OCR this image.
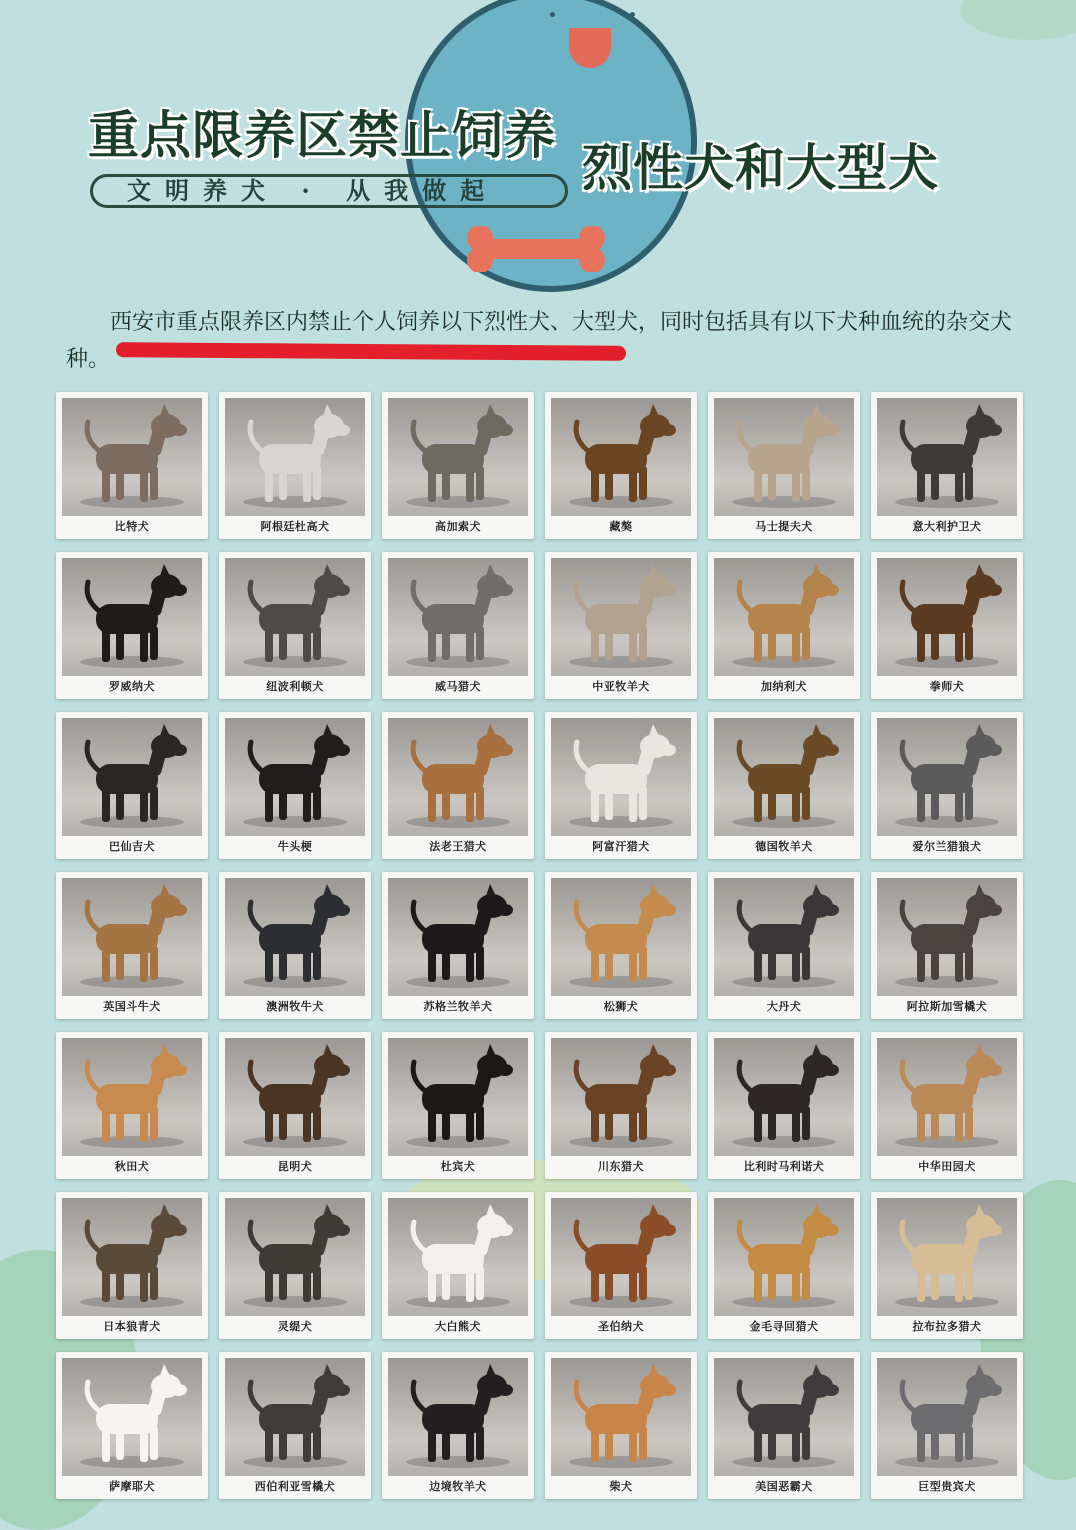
重点限养区禁止饲养
烈性犬和大型犬
文明养犬 · 从我做起

西安市重点限养区内禁止个人饲养以下烈性犬、大型犬，同时包括具有以下犬种血统的杂交犬种。

比特犬	阿根廷杜高犬	高加索犬	藏獒	马士提夫犬	意大利护卫犬
罗威纳犬	纽波利顿犬	威马猎犬	中亚牧羊犬	加纳利犬	拳师犬
巴仙吉犬	牛头梗	法老王猎犬	阿富汗猎犬	德国牧羊犬	爱尔兰猎狼犬
英国斗牛犬	澳洲牧牛犬	苏格兰牧羊犬	松狮犬	大丹犬	阿拉斯加雪橇犬
秋田犬	昆明犬	杜宾犬	川东猎犬	比利时马利诺犬	中华田园犬
日本狼青犬	灵缇犬	大白熊犬	圣伯纳犬	金毛寻回猎犬	拉布拉多猎犬
萨摩耶犬	西伯利亚雪橇犬	边境牧羊犬	柴犬	美国恶霸犬	巨型贵宾犬
